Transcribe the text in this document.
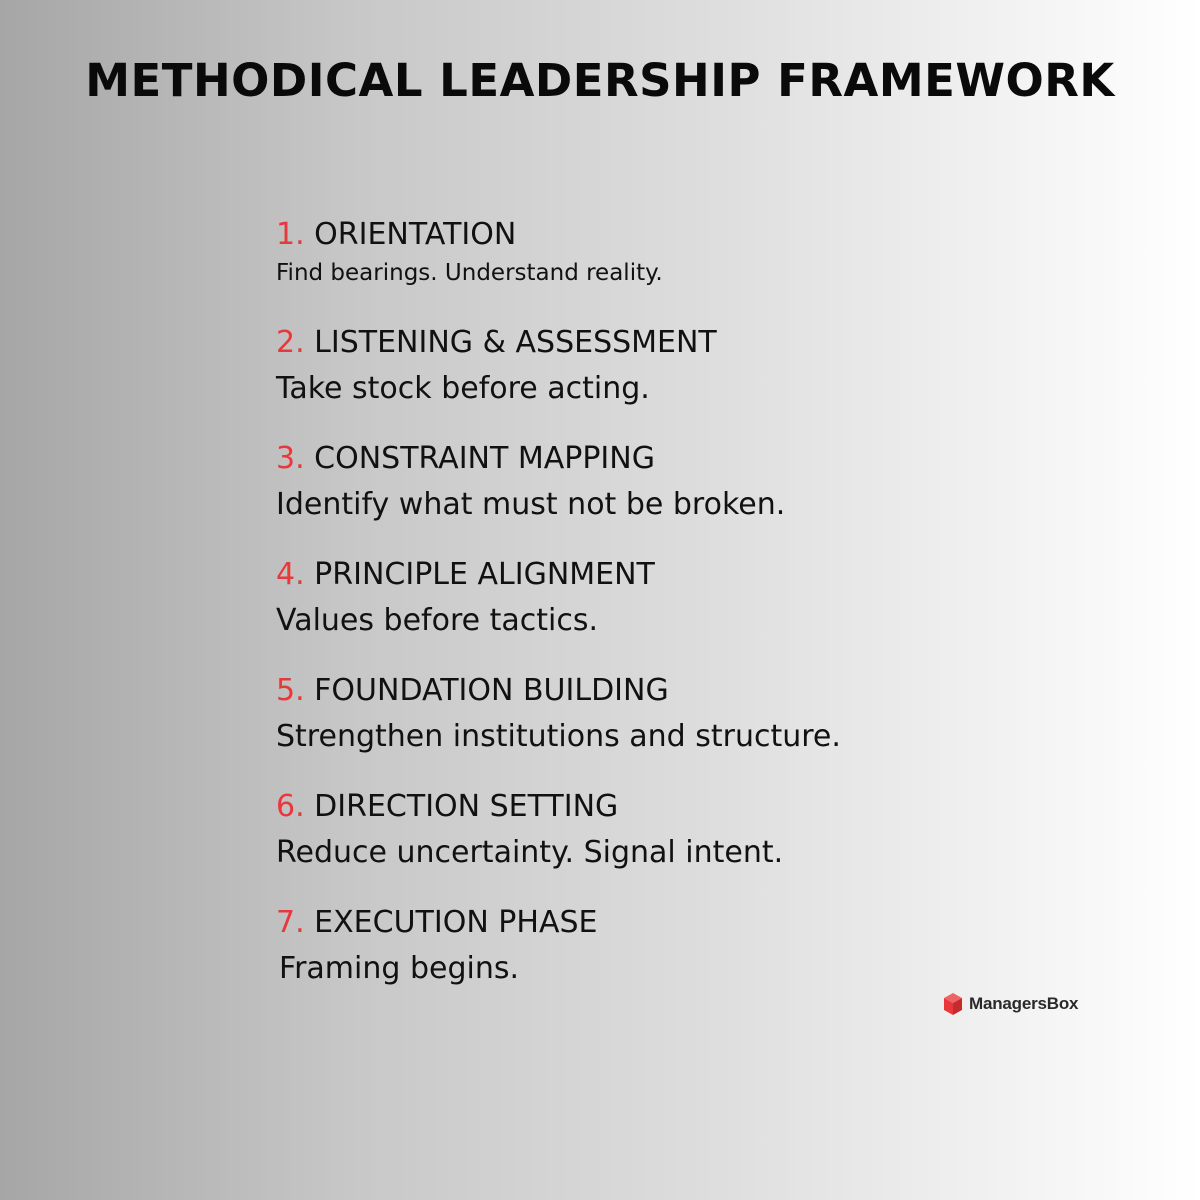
METHODICAL LEADERSHIP FRAMEWORK
1. ORIENTATION
Find bearings. Understand reality.
2. LISTENING & ASSESSMENT
Take stock before acting.
3. CONSTRAINT MAPPING
Identify what must not be broken.
4. PRINCIPLE ALIGNMENT
Values before tactics.
5. FOUNDATION BUILDING
Strengthen institutions and structure.
6. DIRECTION SETTING
Reduce uncertainty. Signal intent.
7. EXECUTION PHASE
Framing begins.
ManagersBox
